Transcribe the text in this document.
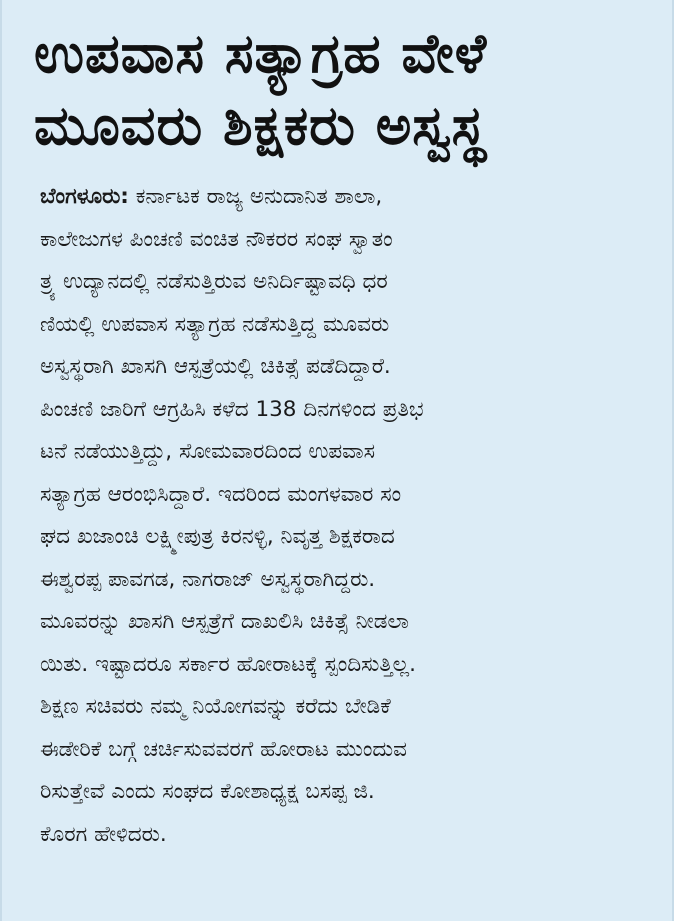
ಉಪವಾಸ ಸತ್ಯಾಗ್ರಹ ವೇಳೆ
ಮೂವರು ಶಿಕ್ಷಕರು ಅಸ್ವಸ್ಥ
ಬೆಂಗಳೂರು: ಕರ್ನಾಟಕ ರಾಜ್ಯ ಅನುದಾನಿತ ಶಾಲಾ,
ಕಾಲೇಜುಗಳ ಪಿಂಚಣಿ ವಂಚಿತ ನೌಕರರ ಸಂಘ ಸ್ವಾತಂ
ತ್ರ್ಯ ಉದ್ಯಾನದಲ್ಲಿ ನಡೆಸುತ್ತಿರುವ ಅನಿರ್ದಿಷ್ಟಾವಧಿ ಧರ
ಣಿಯಲ್ಲಿ ಉಪವಾಸ ಸತ್ಯಾಗ್ರಹ ನಡೆಸುತ್ತಿದ್ದ ಮೂವರು
ಅಸ್ವಸ್ಥರಾಗಿ ಖಾಸಗಿ ಆಸ್ಪತ್ರೆಯಲ್ಲಿ ಚಿಕಿತ್ಸೆ ಪಡೆದಿದ್ದಾರೆ.
ಪಿಂಚಣಿ ಜಾರಿಗೆ ಆಗ್ರಹಿಸಿ ಕಳೆದ 138 ದಿನಗಳಿಂದ ಪ್ರತಿಭ
ಟನೆ ನಡೆಯುತ್ತಿದ್ದು, ಸೋಮವಾರದಿಂದ ಉಪವಾಸ
ಸತ್ಯಾಗ್ರಹ ಆರಂಭಿಸಿದ್ದಾರೆ. ಇದರಿಂದ ಮಂಗಳವಾರ ಸಂ
ಘದ ಖಜಾಂಚಿ ಲಕ್ಷ್ಮೀಪುತ್ರ ಕಿರನಳ್ಳಿ, ನಿವೃತ್ತ ಶಿಕ್ಷಕರಾದ
ಈಶ್ವರಪ್ಪ ಪಾವಗಡ, ನಾಗರಾಜ್ ಅಸ್ವಸ್ಥರಾಗಿದ್ದರು.
ಮೂವರನ್ನು ಖಾಸಗಿ ಆಸ್ಪತ್ರೆಗೆ ದಾಖಲಿಸಿ ಚಿಕಿತ್ಸೆ ನೀಡಲಾ
ಯಿತು. ಇಷ್ಟಾದರೂ ಸರ್ಕಾರ ಹೋರಾಟಕ್ಕೆ ಸ್ಪಂದಿಸುತ್ತಿಲ್ಲ.
ಶಿಕ್ಷಣ ಸಚಿವರು ನಮ್ಮ ನಿಯೋಗವನ್ನು ಕರೆದು ಬೇಡಿಕೆ
ಈಡೇರಿಕೆ ಬಗ್ಗೆ ಚರ್ಚಿಸುವವರಗೆ ಹೋರಾಟ ಮುಂದುವ
ರಿಸುತ್ತೇವೆ ಎಂದು ಸಂಘದ ಕೋಶಾಧ್ಯಕ್ಷ ಬಸಪ್ಪ ಜಿ.
ಕೊರಗ ಹೇಳಿದರು.
